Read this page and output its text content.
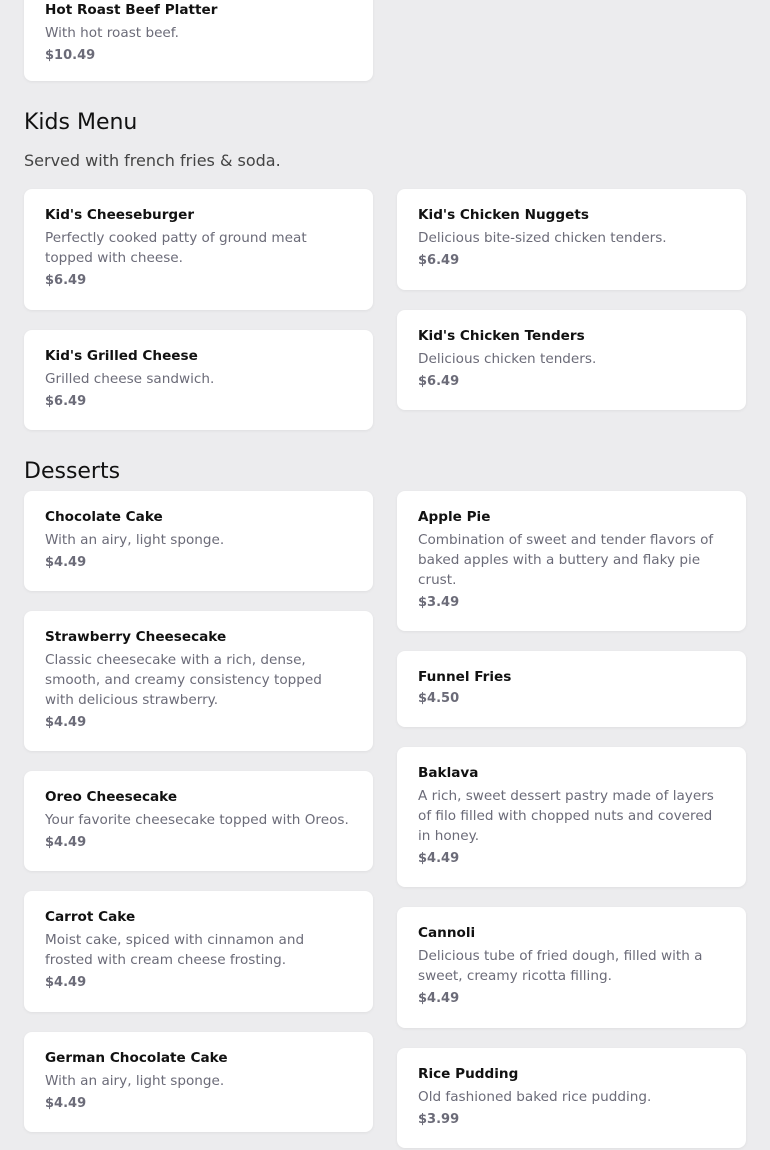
Hot Roast Beef Platter
With hot roast beef.
$10.49
Kids Menu

Served with french fries & soda.

Kid's Cheeseburger
Perfectly cooked patty of ground meat topped with cheese.
$6.49
Kid's Chicken Nuggets
Delicious bite-sized chicken tenders.
$6.49
Kid's Grilled Cheese
Grilled cheese sandwich.
$6.49
Kid's Chicken Tenders
Delicious chicken tenders.
$6.49
Desserts
Chocolate Cake
With an airy, light sponge.
$4.49
Apple Pie
Combination of sweet and tender flavors of baked apples with a buttery and flaky pie crust.
$3.49
Strawberry Cheesecake
Classic cheesecake with a rich, dense, smooth, and creamy consistency topped with delicious strawberry.
$4.49
Funnel Fries
$4.50
Oreo Cheesecake
Your favorite cheesecake topped with Oreos.
$4.49
Baklava
A rich, sweet dessert pastry made of layers of filo filled with chopped nuts and covered in honey.
$4.49
Carrot Cake
Moist cake, spiced with cinnamon and frosted with cream cheese frosting.
$4.49
Cannoli
Delicious tube of fried dough, filled with a sweet, creamy ricotta filling.
$4.49
German Chocolate Cake
With an airy, light sponge.
$4.49
Rice Pudding
Old fashioned baked rice pudding.
$3.99
